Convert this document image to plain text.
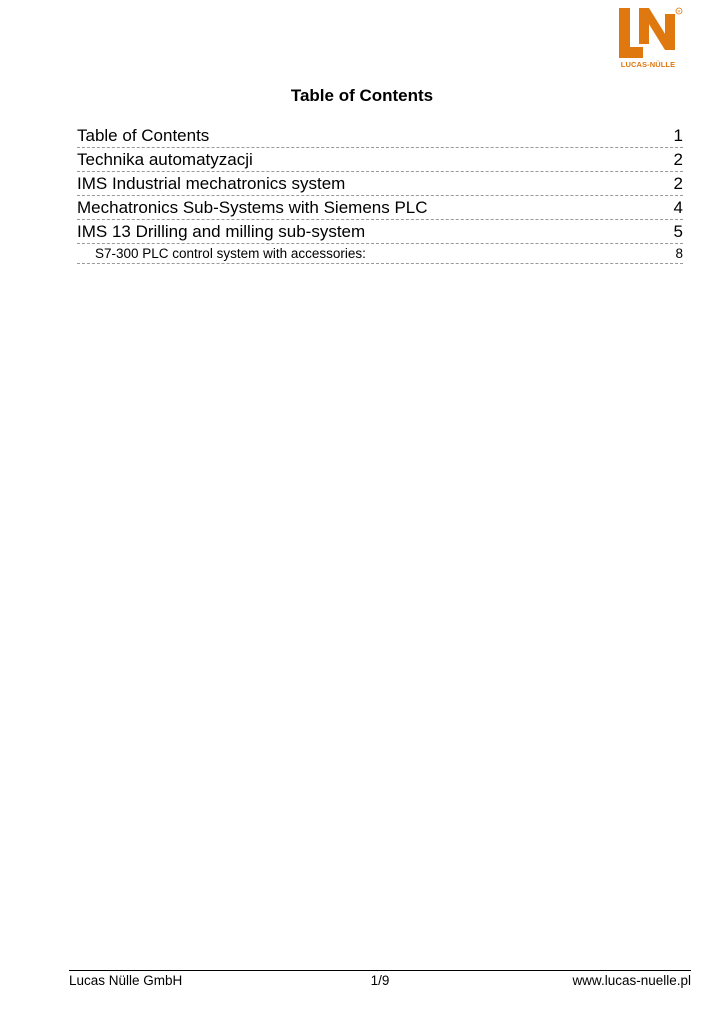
R
LUCAS-NÜLLE
Table of Contents
Table of Contents	1
Technika automatyzacji	2
IMS Industrial mechatronics system	2
Mechatronics Sub-Systems with Siemens PLC	4
IMS 13 Drilling and milling sub-system	5
S7-300 PLC control system with accessories:	8
Lucas Nülle GmbH	1/9	www.lucas-nuelle.pl
